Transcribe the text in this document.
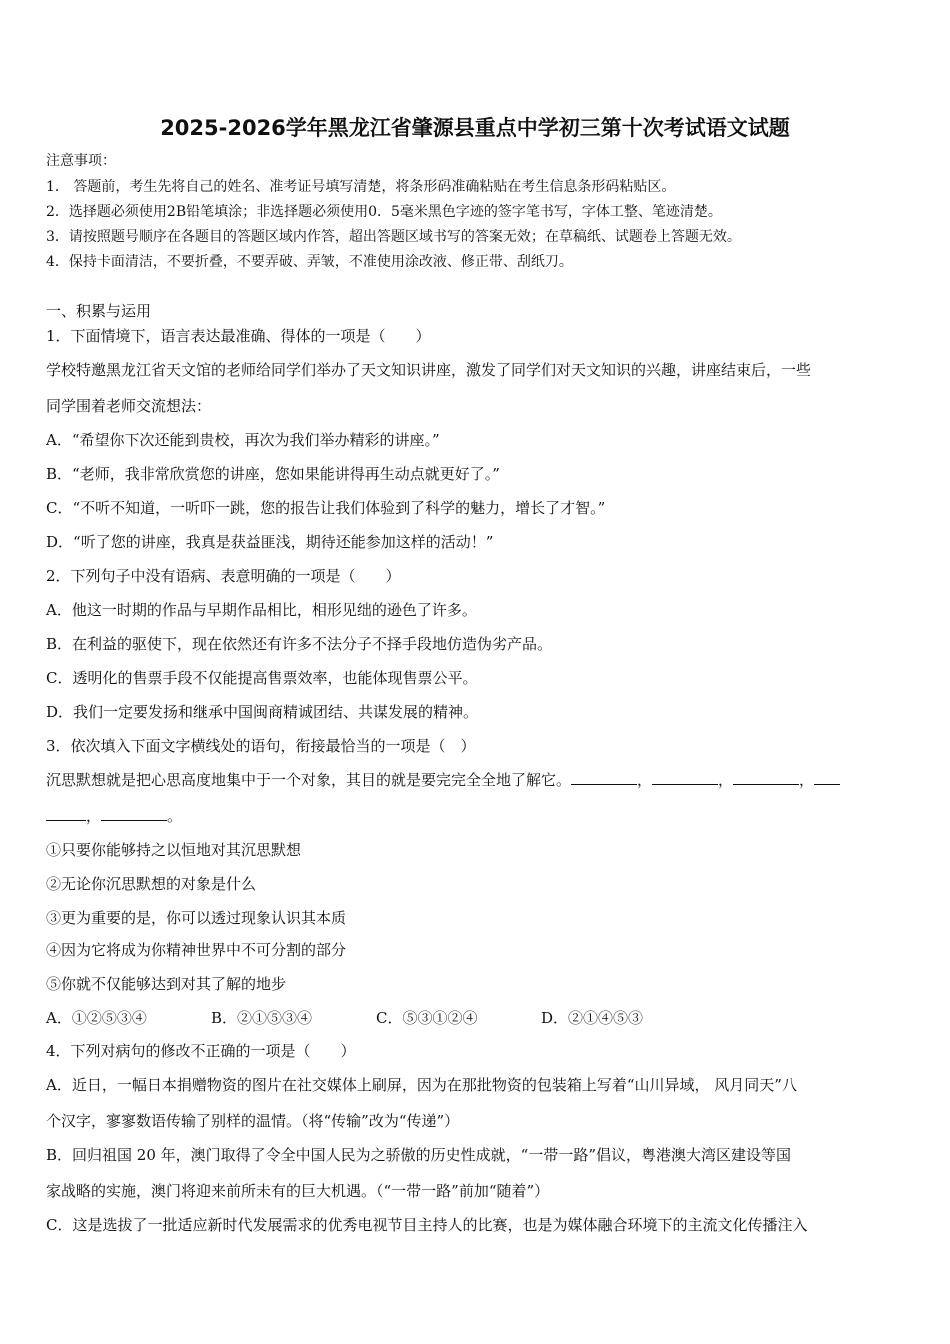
2025-2026学年黑龙江省肇源县重点中学初三第十次考试语文试题
注意事项：
1． 答题前，考生先将自己的姓名、准考证号填写清楚，将条形码准确粘贴在考生信息条形码粘贴区。
2．选择题必须使用2B铅笔填涂；非选择题必须使用0．5毫米黑色字迹的签字笔书写，字体工整、笔迹清楚。
3．请按照题号顺序在各题目的答题区域内作答，超出答题区域书写的答案无效；在草稿纸、试题卷上答题无效。
4．保持卡面清洁，不要折叠，不要弄破、弄皱，不准使用涂改液、修正带、刮纸刀。
一、积累与运用
1．下面情境下，语言表达最准确、得体的一项是（　　）
学校特邀黑龙江省天文馆的老师给同学们举办了天文知识讲座，激发了同学们对天文知识的兴趣，讲座结束后，一些
同学围着老师交流想法：
A．“希望你下次还能到贵校，再次为我们举办精彩的讲座。”
B．“老师，我非常欣赏您的讲座，您如果能讲得再生动点就更好了。”
C．“不听不知道，一听吓一跳，您的报告让我们体验到了科学的魅力，增长了才智。”
D．“听了您的讲座，我真是获益匪浅，期待还能参加这样的活动！”
2．下列句子中没有语病、表意明确的一项是（　　）
A．他这一时期的作品与早期作品相比，相形见绌的逊色了许多。
B．在利益的驱使下，现在依然还有许多不法分子不择手段地仿造伪劣产品。
C．透明化的售票手段不仅能提高售票效率，也能体现售票公平。
D．我们一定要发扬和继承中国闽商精诚团结、共谋发展的精神。
3．依次填入下面文字横线处的语句，衔接最恰当的一项是（　）
沉思默想就是把心思高度地集中于一个对象，其目的就是要完完全全地了解它。	，	，	，
，	。
①只要你能够持之以恒地对其沉思默想
②无论你沉思默想的对象是什么
③更为重要的是，你可以透过现象认识其本质
④因为它将成为你精神世界中不可分割的部分
⑤你就不仅能够达到对其了解的地步
A．①②⑤③④	B．②①⑤③④	C．⑤③①②④	D．②①④⑤③
4．下列对病句的修改不正确的一项是（　　）
A．近日，一幅日本捐赠物资的图片在社交媒体上刷屏，因为在那批物资的包装箱上写着“山川异域， 风月同天”八
个汉字，寥寥数语传输了别样的温情。（将“传输”改为“传递”）
B．回归祖国 20 年，澳门取得了令全中国人民为之骄傲的历史性成就，“一带一路”倡议，粤港澳大湾区建设等国
家战略的实施，澳门将迎来前所未有的巨大机遇。（“一带一路”前加“随着”）
C．这是选拔了一批适应新时代发展需求的优秀电视节目主持人的比赛，也是为媒体融合环境下的主流文化传播注入
